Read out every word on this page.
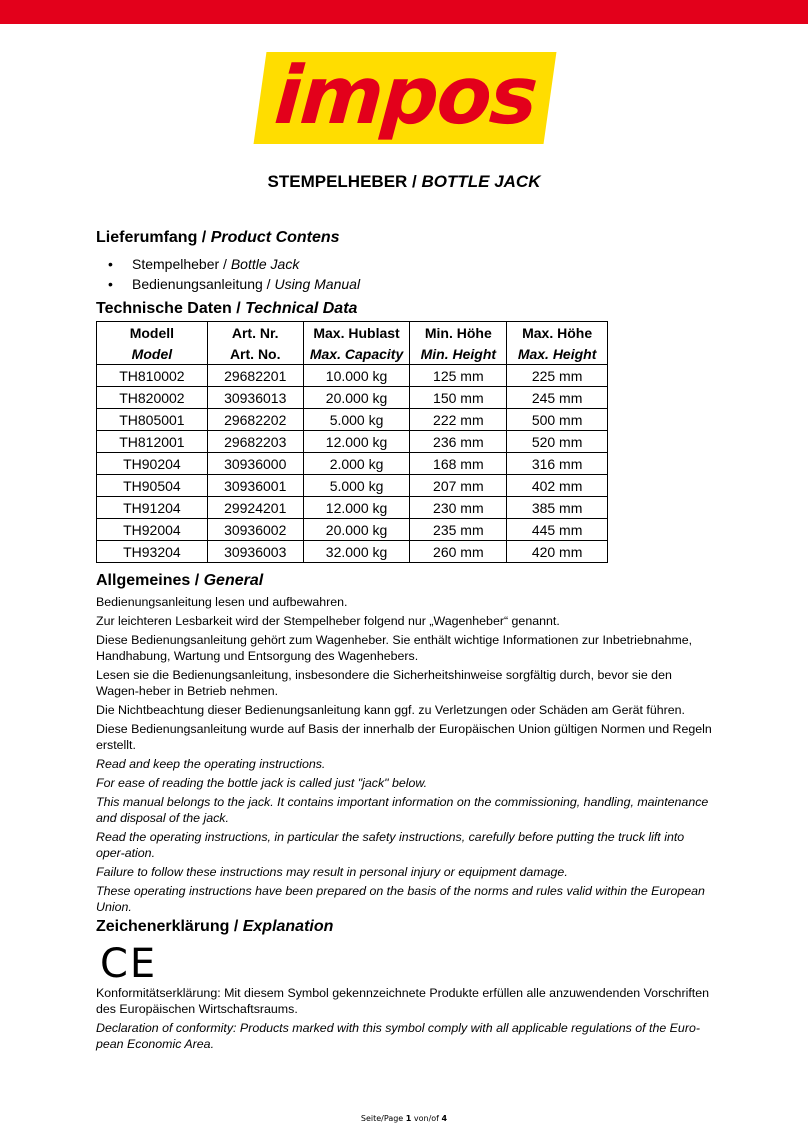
impos
STEMPELHEBER / BOTTLE JACK
Lieferumfang / Product Contens
• Stempelheber / Bottle Jack
• Bedienungsanleitung / Using Manual
Technische Daten / Technical Data
Modell	Art. Nr.	Max. Hublast	Min. Höhe	Max. Höhe
Model	Art. No.	Max. Capacity	Min. Height	Max. Height
TH810002	29682201	10.000 kg	125 mm	225 mm
TH820002	30936013	20.000 kg	150 mm	245 mm
TH805001	29682202	5.000 kg	222 mm	500 mm
TH812001	29682203	12.000 kg	236 mm	520 mm
TH90204	30936000	2.000 kg	168 mm	316 mm
TH90504	30936001	5.000 kg	207 mm	402 mm
TH91204	29924201	12.000 kg	230 mm	385 mm
TH92004	30936002	20.000 kg	235 mm	445 mm
TH93204	30936003	32.000 kg	260 mm	420 mm
Allgemeines / General

Bedienungsanleitung lesen und aufbewahren.

Zur leichteren Lesbarkeit wird der Stempelheber folgend nur „Wagenheber“ genannt.

Diese Bedienungsanleitung gehört zum Wagenheber. Sie enthält wichtige Informationen zur Inbetriebnahme, Handhabung, Wartung und Entsorgung des Wagenhebers.

Lesen sie die Bedienungsanleitung, insbesondere die Sicherheitshinweise sorgfältig durch, bevor sie den Wagen-heber in Betrieb nehmen.

Die Nichtbeachtung dieser Bedienungsanleitung kann ggf. zu Verletzungen oder Schäden am Gerät führen.

Diese Bedienungsanleitung wurde auf Basis der innerhalb der Europäischen Union gültigen Normen und Regeln erstellt.

Read and keep the operating instructions.

For ease of reading the bottle jack is called just "jack" below.

This manual belongs to the jack. It contains important information on the commissioning, handling, maintenance and disposal of the jack.

Read the operating instructions, in particular the safety instructions, carefully before putting the truck lift into oper-ation.

Failure to follow these instructions may result in personal injury or equipment damage.

These operating instructions have been prepared on the basis of the norms and rules valid within the European Union.

Zeichenerklärung / Explanation
CE

Konformitätserklärung: Mit diesem Symbol gekennzeichnete Produkte erfüllen alle anzuwendenden Vorschriften des Europäischen Wirtschaftsraums.

Declaration of conformity: Products marked with this symbol comply with all applicable regulations of the Euro-pean Economic Area.

Seite/Page 1 von/of 4
